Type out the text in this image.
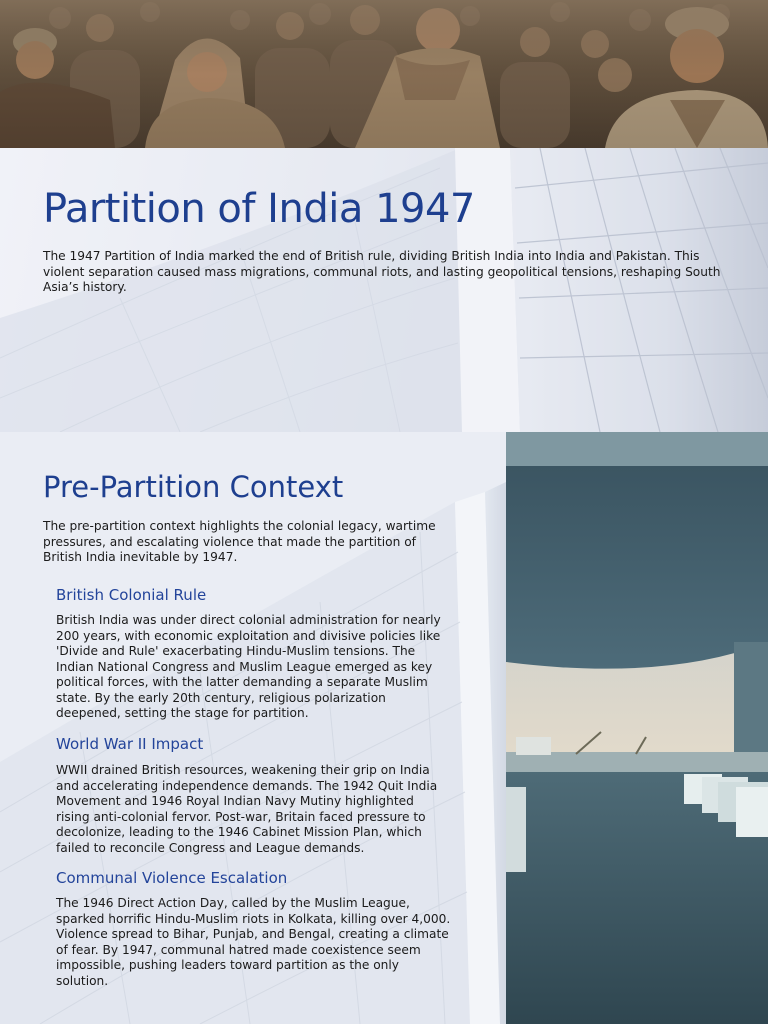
Partition of India 1947

The 1947 Partition of India marked the end of British rule, dividing British India into India and Pakistan. This violent separation caused mass migrations, communal riots, and lasting geopolitical tensions, reshaping South Asia’s history.

Pre-Partition Context

The pre-partition context highlights the colonial legacy, wartime pressures, and escalating violence that made the partition of British India inevitable by 1947.

British Colonial Rule

British India was under direct colonial administration for nearly 200 years, with economic exploitation and divisive policies like 'Divide and Rule' exacerbating Hindu-Muslim tensions. The Indian National Congress and Muslim League emerged as key political forces, with the latter demanding a separate Muslim state. By the early 20th century, religious polarization deepened, setting the stage for partition.

World War II Impact

WWII drained British resources, weakening their grip on India and accelerating independence demands. The 1942 Quit India Movement and 1946 Royal Indian Navy Mutiny highlighted rising anti-colonial fervor. Post-war, Britain faced pressure to decolonize, leading to the 1946 Cabinet Mission Plan, which failed to reconcile Congress and League demands.

Communal Violence Escalation

The 1946 Direct Action Day, called by the Muslim League, sparked horrific Hindu-Muslim riots in Kolkata, killing over 4,000. Violence spread to Bihar, Punjab, and Bengal, creating a climate of fear. By 1947, communal hatred made coexistence seem impossible, pushing leaders toward partition as the only solution.
